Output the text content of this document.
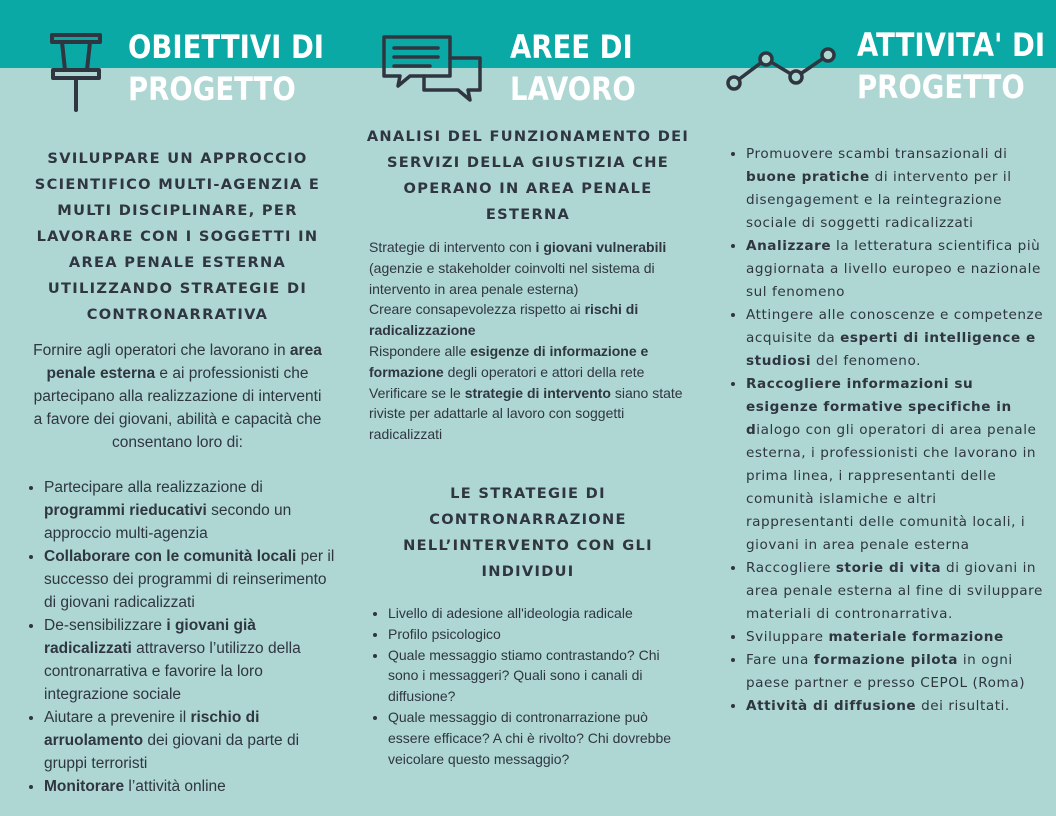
OBIETTIVI DI
PROGETTO
AREE DI
LAVORO
ATTIVITA' DI
PROGETTO

SVILUPPARE UN APPROCCIO SCIENTIFICO MULTI-AGENZIA E MULTI DISCIPLINARE, PER LAVORARE CON I SOGGETTI IN AREA PENALE ESTERNA UTILIZZANDO STRATEGIE DI CONTRONARRATIVA

Fornire agli operatori che lavorano in area penale esterna e ai professionisti che partecipano alla realizzazione di interventi a favore dei giovani, abilità e capacità che consentano loro di:

• Partecipare alla realizzazione di programmi rieducativi secondo un approccio multi-agenzia
• Collaborare con le comunità locali per il successo dei programmi di reinserimento di giovani radicalizzati
• De-sensibilizzare i giovani già radicalizzati attraverso l’utilizzo della contronarrativa e favorire la loro integrazione sociale
• Aiutare a prevenire il rischio di arruolamento dei giovani da parte di gruppi terroristi
• Monitorare l’attività online

ANALISI DEL FUNZIONAMENTO DEI SERVIZI DELLA GIUSTIZIA CHE OPERANO IN AREA PENALE ESTERNA

Strategie di intervento con i giovani vulnerabili (agenzie e stakeholder coinvolti nel sistema di intervento in area penale esterna)

Creare consapevolezza rispetto ai rischi di radicalizzazione

Rispondere alle esigenze di informazione e formazione degli operatori e attori della rete

Verificare se le strategie di intervento siano state riviste per adattarle al lavoro con soggetti radicalizzati

LE STRATEGIE DI CONTRONARRAZIONE NELL’INTERVENTO CON GLI INDIVIDUI

• Livello di adesione all'ideologia radicale
• Profilo psicologico
• Quale messaggio stiamo contrastando? Chi sono i messaggeri? Quali sono i canali di diffusione?
• Quale messaggio di contronarrazione può essere efficace? A chi è rivolto? Chi dovrebbe veicolare questo messaggio?
• Promuovere scambi transazionali di buone pratiche di intervento per il disengagement e la reintegrazione sociale di soggetti radicalizzati
• Analizzare la letteratura scientifica più aggiornata a livello europeo e nazionale sul fenomeno
• Attingere alle conoscenze e competenze acquisite da esperti di intelligence e studiosi del fenomeno.
• Raccogliere informazioni su esigenze formative specifiche in dialogo con gli operatori di area penale esterna, i professionisti che lavorano in prima linea, i rappresentanti delle comunità islamiche e altri rappresentanti delle comunità locali, i giovani in area penale esterna
• Raccogliere storie di vita di giovani in area penale esterna al fine di sviluppare materiali di contronarrativa.
• Sviluppare materiale formazione
• Fare una formazione pilota in ogni paese partner e presso CEPOL (Roma)
• Attività di diffusione dei risultati.
